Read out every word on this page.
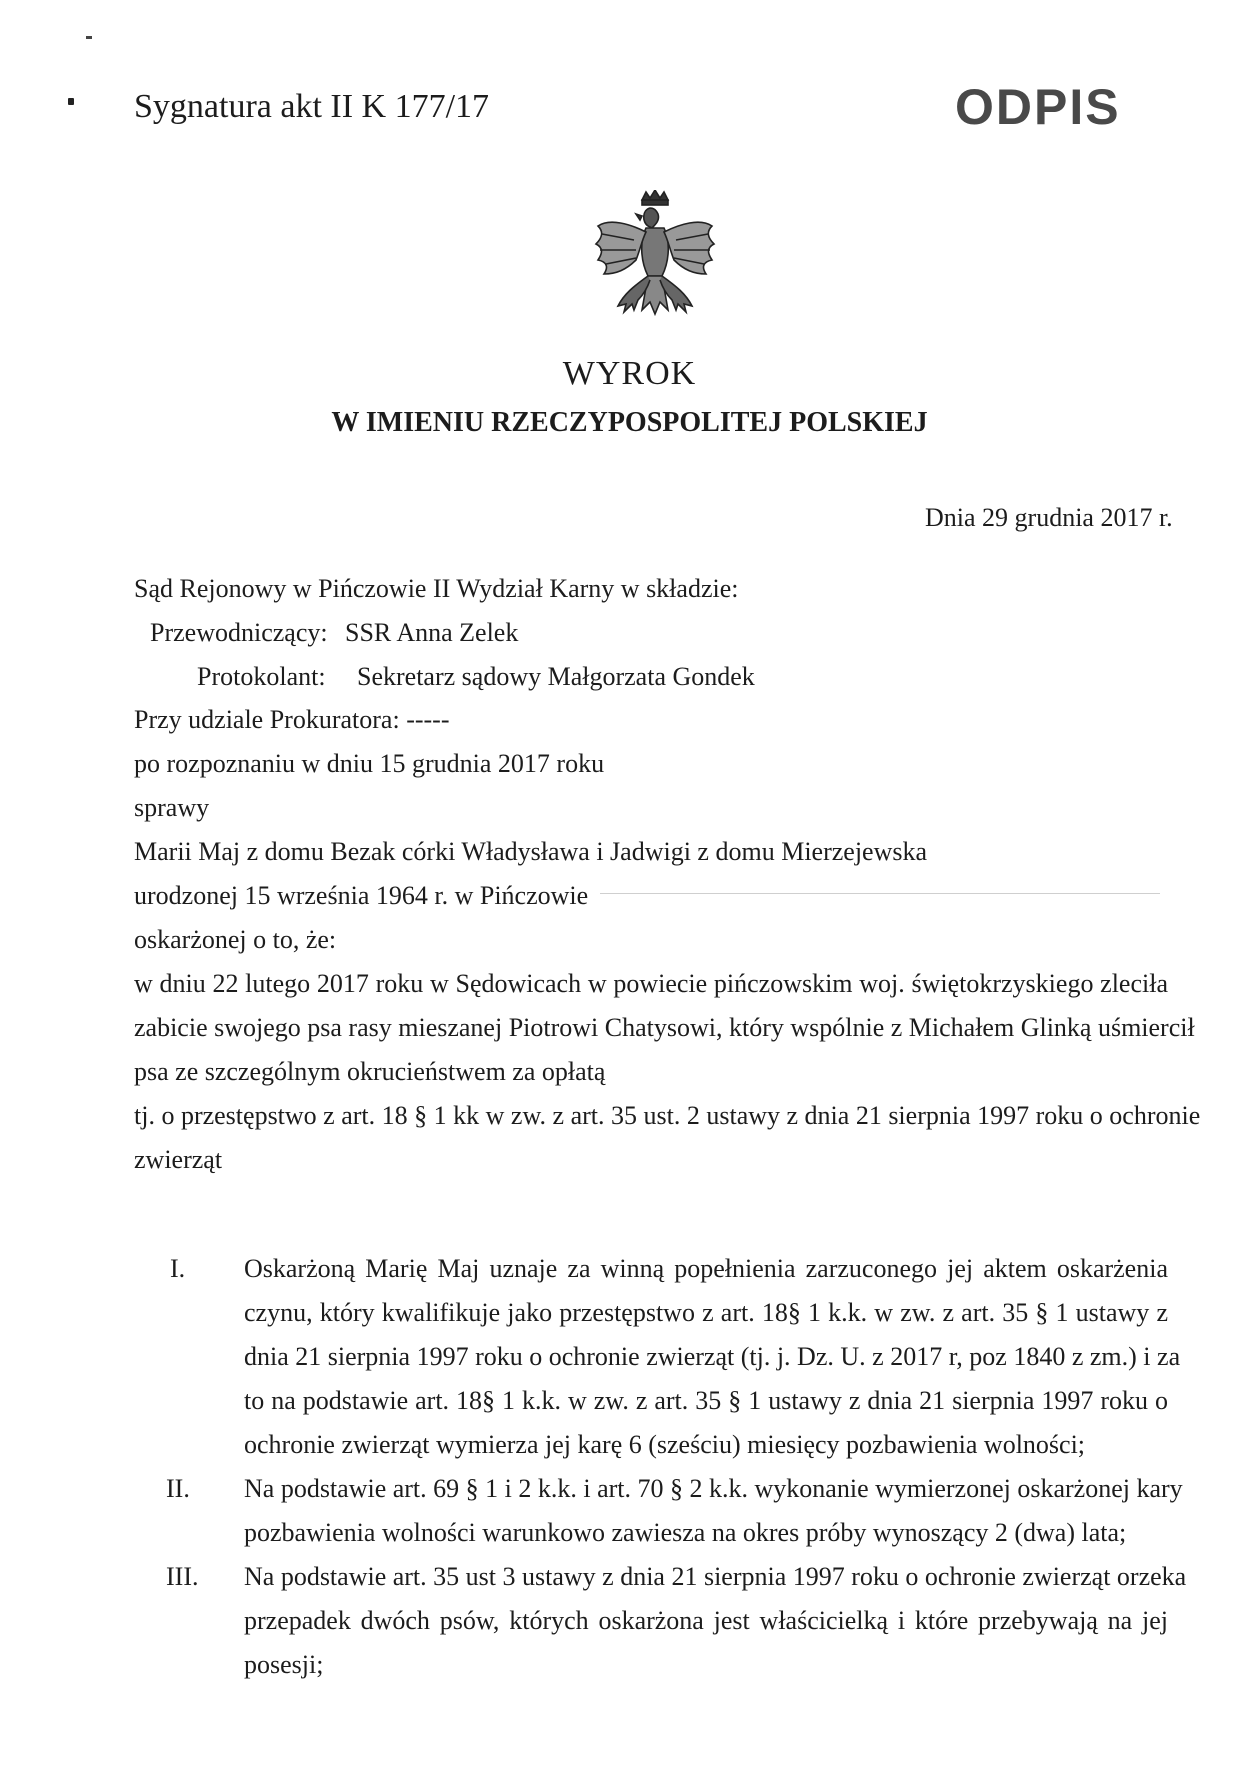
Sygnatura akt II K 177/17	ODPIS
WYROK
W IMIENIU RZECZYPOSPOLITEJ POLSKIEJ
Dnia 29 grudnia 2017 r.
Sąd Rejonowy w Pińczowie II Wydział Karny w składzie:
Przewodniczący: SSR Anna Zelek
Protokolant: Sekretarz sądowy Małgorzata Gondek
Przy udziale Prokuratora: -----
po rozpoznaniu w dniu 15 grudnia 2017 roku
sprawy
Marii Maj z domu Bezak córki Władysława i Jadwigi z domu Mierzejewska
urodzonej 15 września 1964 r. w Pińczowie
oskarżonej o to, że:
w dniu 22 lutego 2017 roku w Sędowicach w powiecie pińczowskim woj. świętokrzyskiego zleciła
zabicie swojego psa rasy mieszanej Piotrowi Chatysowi, który wspólnie z Michałem Glinką uśmiercił
psa ze szczególnym okrucieństwem za opłatą
tj. o przestępstwo z art. 18 § 1 kk w zw. z art. 35 ust. 2 ustawy z dnia 21 sierpnia 1997 roku o ochronie
zwierząt
I. Oskarżoną Marię Maj uznaje za winną popełnienia zarzuconego jej aktem oskarżenia
czynu, który kwalifikuje jako przestępstwo z art. 18§ 1 k.k. w zw. z art. 35 § 1 ustawy z
dnia 21 sierpnia 1997 roku o ochronie zwierząt (tj. j. Dz. U. z 2017 r, poz 1840 z zm.) i za
to na podstawie art. 18§ 1 k.k. w zw. z art. 35 § 1 ustawy z dnia 21 sierpnia 1997 roku o
ochronie zwierząt wymierza jej karę 6 (sześciu) miesięcy pozbawienia wolności;
II. Na podstawie art. 69 § 1 i 2 k.k. i art. 70 § 2 k.k. wykonanie wymierzonej oskarżonej kary
pozbawienia wolności warunkowo zawiesza na okres próby wynoszący 2 (dwa) lata;
III. Na podstawie art. 35 ust 3 ustawy z dnia 21 sierpnia 1997 roku o ochronie zwierząt orzeka
przepadek dwóch psów, których oskarżona jest właścicielką i które przebywają na jej
posesji;
